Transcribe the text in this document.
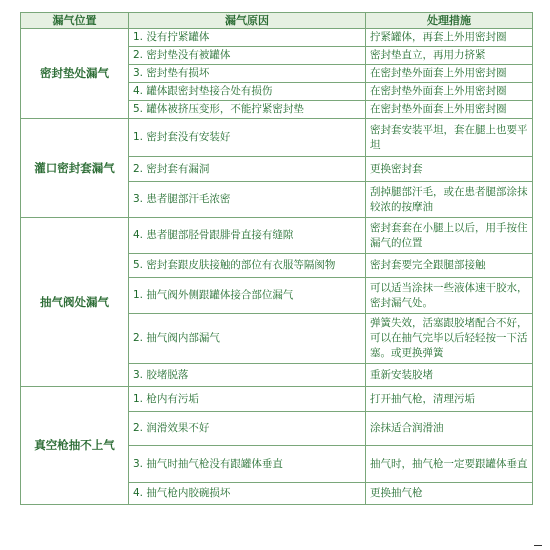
漏气位置	漏气原因	处理措施
密封垫处漏气	1. 没有拧紧罐体	拧紧罐体，再套上外用密封圈
	2. 密封垫没有被罐体	密封垫直立，再用力挤紧
	3. 密封垫有损坏	在密封垫外面套上外用密封圈
	4. 罐体跟密封垫接合处有损伤	在密封垫外面套上外用密封圈
	5. 罐体被挤压变形，不能拧紧密封垫	在密封垫外面套上外用密封圈
灌口密封套漏气	1. 密封套没有安装好	密封套安装平坦，套在腿上也要平坦
	2. 密封套有漏洞	更换密封套
	3. 患者腿部汗毛浓密	刮掉腿部汗毛，或在患者腿部涂抹较浓的按摩油
抽气阀处漏气	4. 患者腿部胫骨跟腓骨直接有缝隙	密封套套在小腿上以后，用手按住漏气的位置
	5. 密封套跟皮肤接触的部位有衣服等隔阂物	密封套要完全跟腿部接触
	1. 抽气阀外侧跟罐体接合部位漏气	可以适当涂抹一些液体速干胶水，密封漏气处。
	2. 抽气阀内部漏气	弹簧失效，活塞跟胶堵配合不好，可以在抽气完毕以后轻轻按一下活塞。或更换弹簧
	3. 胶堵脱落	重新安装胶堵
真空枪抽不上气	1. 枪内有污垢	打开抽气枪，清理污垢
	2. 润滑效果不好	涂抹适合润滑油
	3. 抽气时抽气枪没有跟罐体垂直	抽气时，抽气枪一定要跟罐体垂直
	4. 抽气枪内胶碗损坏	更换抽气枪
